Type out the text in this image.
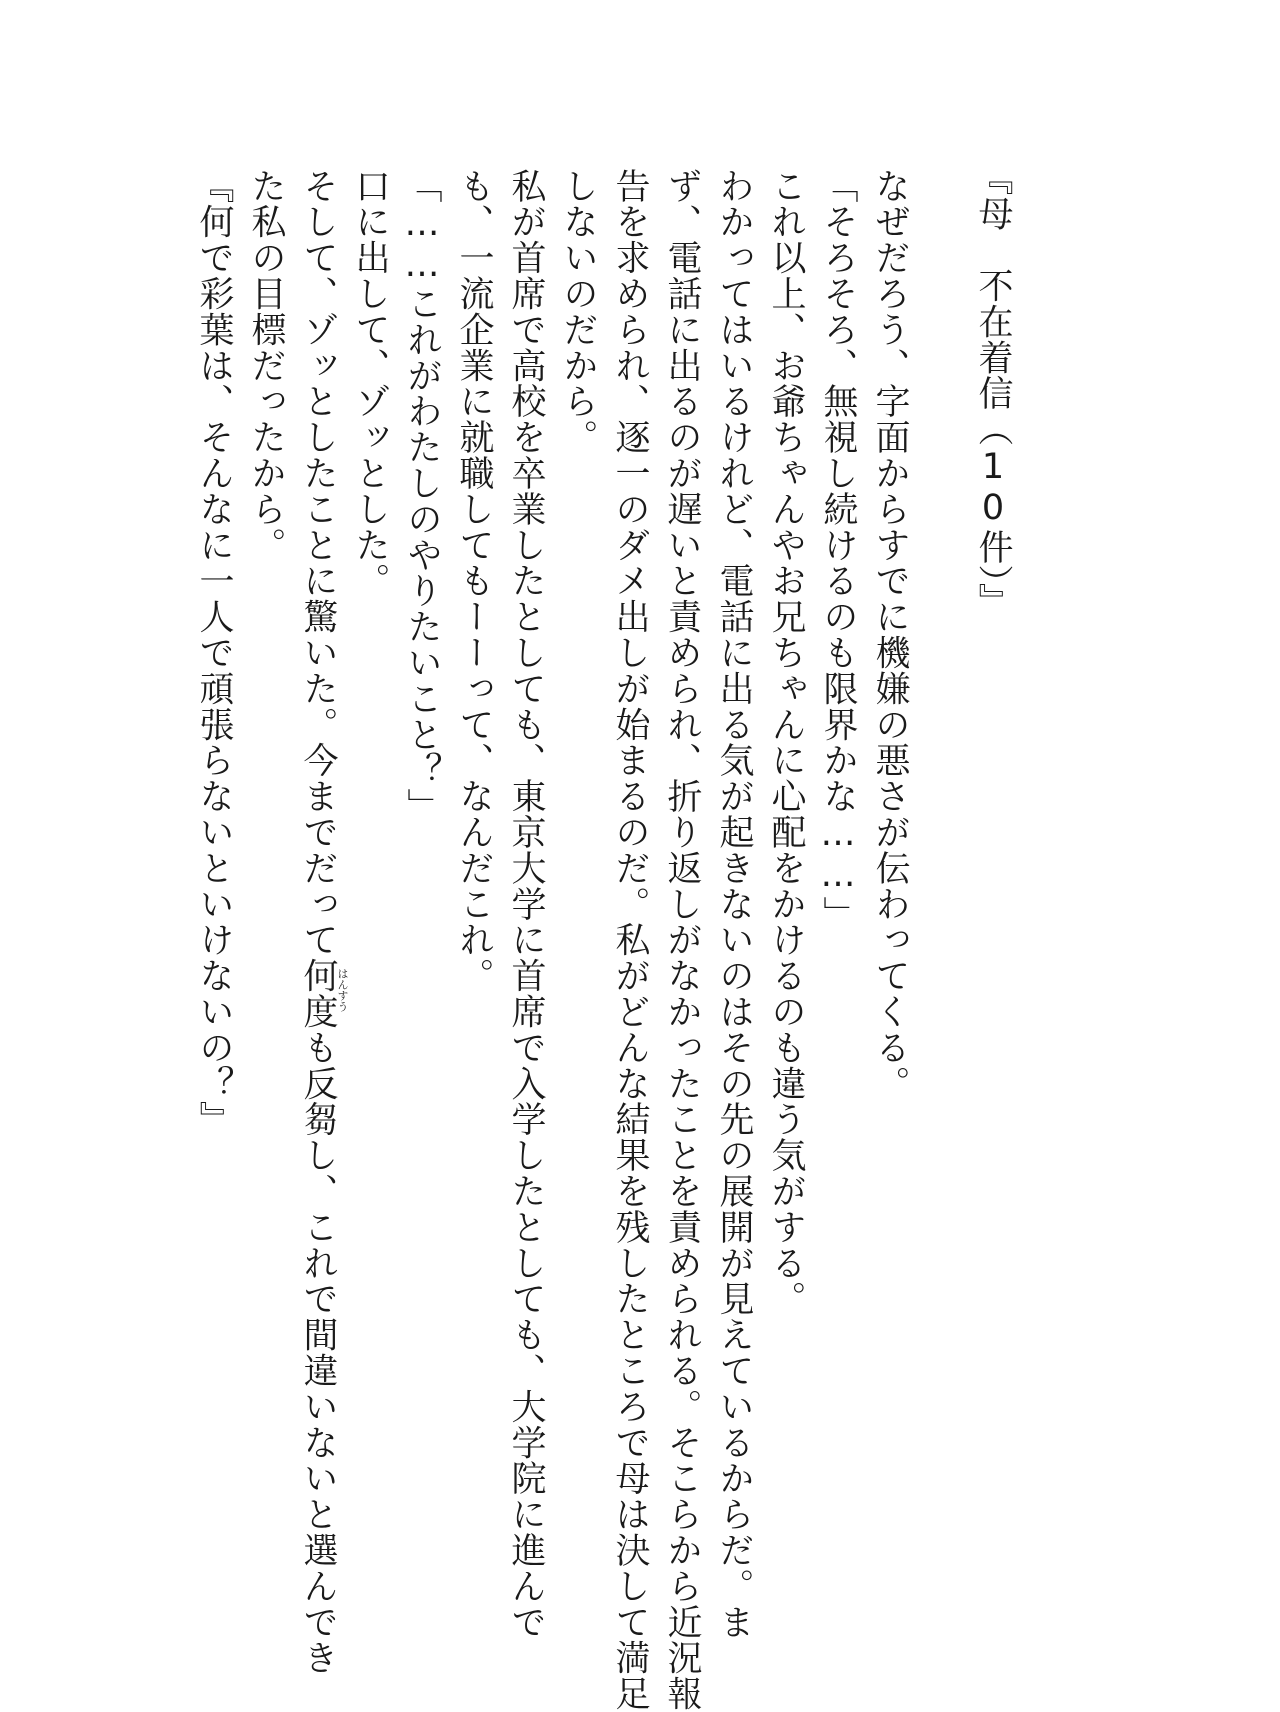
『母　不在着信（10件）』

なぜだろう、字面からすでに機嫌の悪さが伝わってくる。

「そろそろ、無視し続けるのも限界かな……」

これ以上、お爺ちゃんやお兄ちゃんに心配をかけるのも違う気がする。

わかってはいるけれど、電話に出る気が起きないのはその先の展開が見えているからだ。ま

ず、電話に出るのが遅いと責められ、折り返しがなかったことを責められる。そこらから近況報

告を求められ、逐一のダメ出しが始まるのだ。私がどんな結果を残したところで母は決して満足

しないのだから。

私が首席で高校を卒業したとしても、東京大学に首席で入学したとしても、大学院に進んで

も、一流企業に就職してもーーって、なんだこれ。

「……これがわたしのやりたいこと？」

口に出して、ゾッとした。

そして、ゾッとしたことに驚いた。今までだって何度も反芻し、これで間違いないと選んでき

た私の目標だったから。

『何で彩葉は、そんなに一人で頑張らないといけないの？』	はんすう
